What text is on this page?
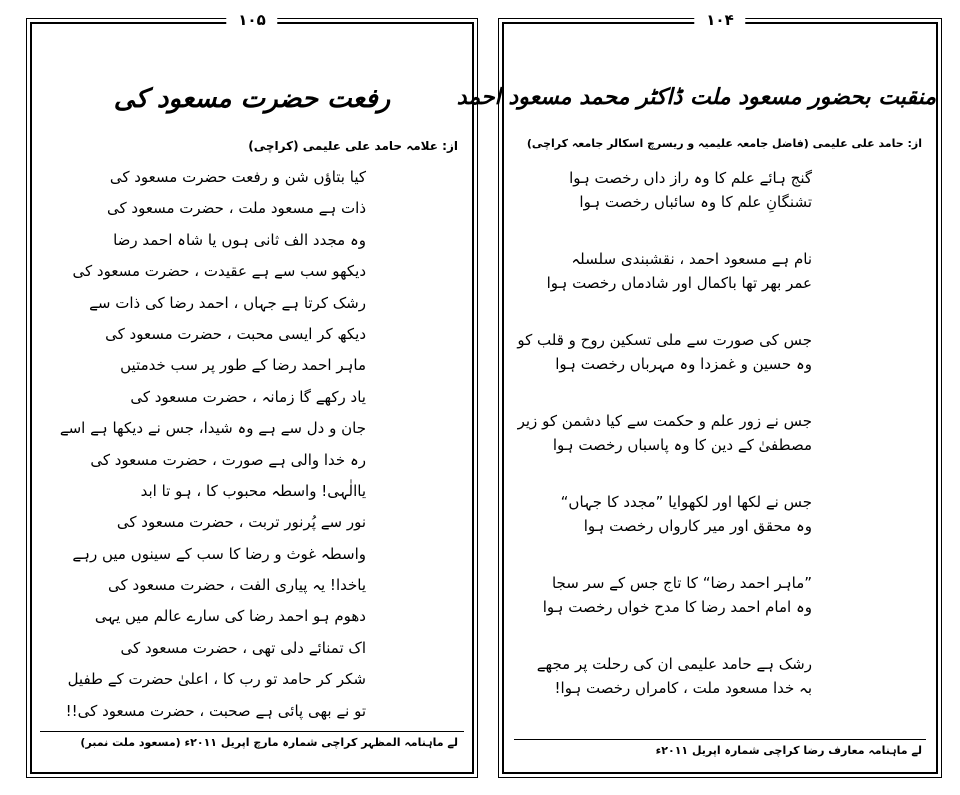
۱۰۵
رفعت حضرت مسعود کی
از: علامہ حامد علی علیمی (کراچی)
کیا بتاؤں شن و رفعت حضرت مسعود کی
ذات ہے مسعود ملت ، حضرت مسعود کی
وہ مجدد الف ثانی ہوں یا شاہ احمد رضا
دیکھو سب سے ہے عقیدت ، حضرت مسعود کی
رشک کرتا ہے جہاں ، احمد رضا کی ذات سے
دیکھ کر ایسی محبت ، حضرت مسعود کی
ماہر احمد رضا کے طور پر سب خدمتیں
یاد رکھے گا زمانہ ، حضرت مسعود کی
جان و دل سے ہے وہ شیدا، جس نے دیکھا ہے اسے
رہ خدا والی ہے صورت ، حضرت مسعود کی
یاالٰہی! واسطہ محبوب کا ، ہو تا ابد
نور سے پُرنور تربت ، حضرت مسعود کی
واسطہ غوث و رضا کا سب کے سینوں میں رہے
یاخدا! یہ پیاری الفت ، حضرت مسعود کی
دھوم ہو احمد رضا کی سارے عالم میں یہی
اک تمنائے دلی تھی ، حضرت مسعود کی
شکر کر حامد تو رب کا ، اعلیٰ حضرت کے طفیل
تو نے بھی پائی ہے صحبت ، حضرت مسعود کی!!
لے ماہنامہ المظہر کراچی شمارہ مارچ اپریل ۲۰۱۱ء (مسعود ملت نمبر)
۱۰۴
منقبت بحضور مسعود ملت ڈاکٹر محمد مسعود احمد
از: حامد علی علیمی (فاضل جامعہ علیمیہ و ریسرچ اسکالر جامعہ کراچی)
گنج ہائے علم کا وہ راز داں رخصت ہوا
تشنگانِ علم کا وہ سائباں رخصت ہوا
نام ہے مسعود احمد ، نقشبندی سلسلہ
عمر بھر تھا باکمال اور شادماں رخصت ہوا
جس کی صورت سے ملی تسکین روح و قلب کو
وہ حسین و غمزدا وہ مہرباں رخصت ہوا
جس نے زور علم و حکمت سے کیا دشمن کو زیر
مصطفیٰ کے دین کا وہ پاسباں رخصت ہوا
جس نے لکھا اور لکھوایا ”مجدد کا جہاں“
وہ محقق اور میر کارواں رخصت ہوا
”ماہر احمد رضا“ کا تاج جس کے سر سجا
وہ امام احمد رضا کا مدح خواں رخصت ہوا
رشک ہے حامد علیمی ان کی رحلت پر مجھے
بہ خدا مسعود ملت ، کامراں رخصت ہوا!
لے ماہنامہ معارف رضا کراچی شمارہ اپریل ۲۰۱۱ء
